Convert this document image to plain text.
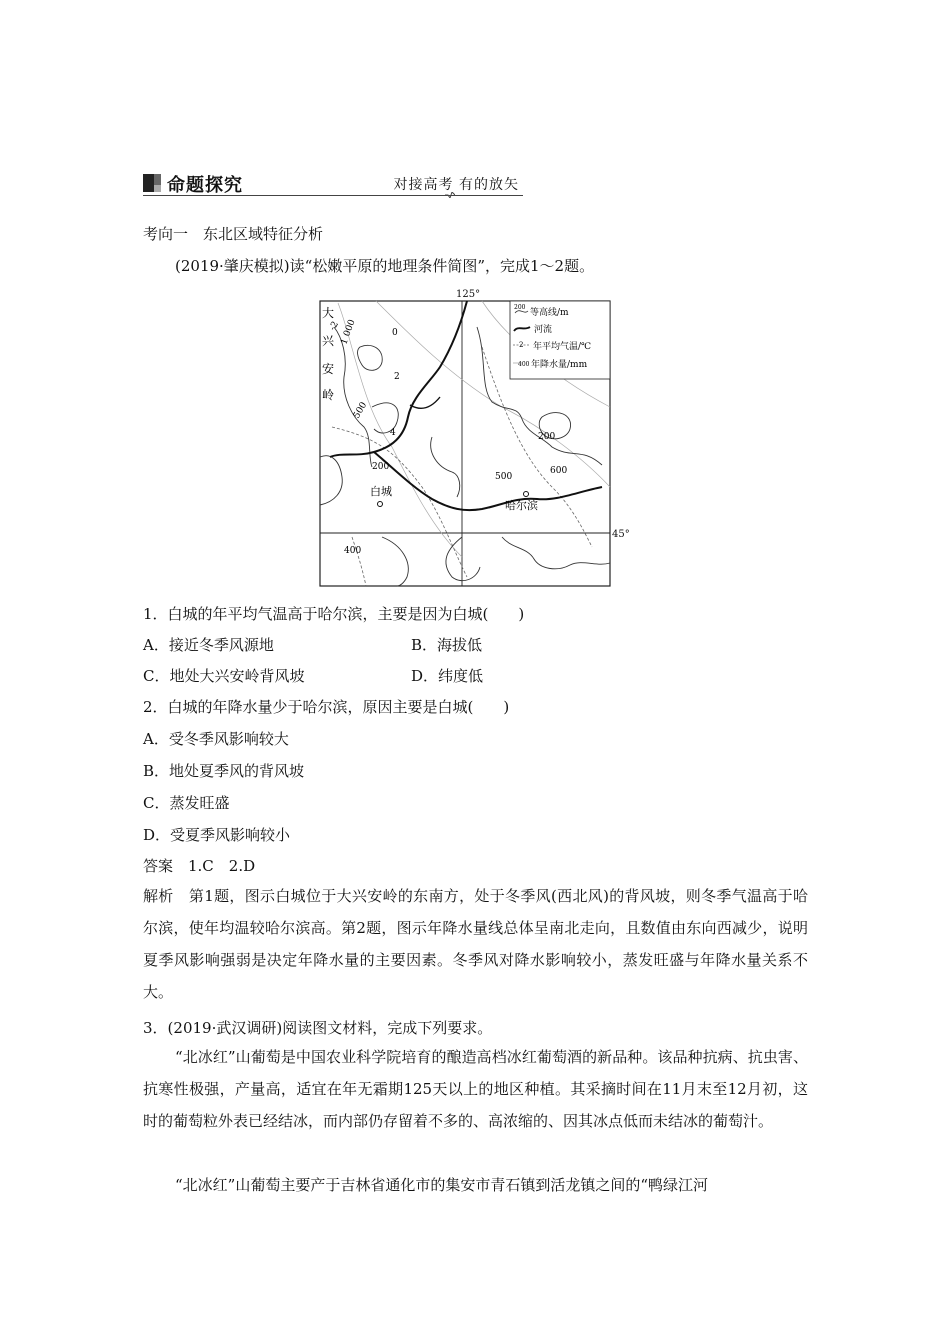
命题探究	对接高考 有的放矢
考向一　东北区域特征分析
(2019·肇庆模拟)读“松嫩平原的地理条件简图”，完成1～2题。
125°
45°
大
兴
安
岭
白城
哈尔滨
1 000
500
200
200
600
500
400
-2
0
2
4
200
等高线/m
河流
2 年平均气温/℃
400 年降水量/mm
1．白城的年平均气温高于哈尔滨，主要是因为白城(　　)
A．接近冬季风源地	B．海拔低
C．地处大兴安岭背风坡	D．纬度低
2．白城的年降水量少于哈尔滨，原因主要是白城(　　)
A．受冬季风影响较大
B．地处夏季风的背风坡
C．蒸发旺盛
D．受夏季风影响较小
答案　1.C　2.D

解析　第1题，图示白城位于大兴安岭的东南方，处于冬季风(西北风)的背风坡，则冬季气温高于哈尔滨，使年均温较哈尔滨高。第2题，图示年降水量线总体呈南北走向，且数值由东向西减少，说明夏季风影响强弱是决定年降水量的主要因素。冬季风对降水影响较小，蒸发旺盛与年降水量关系不大。

3．(2019·武汉调研)阅读图文材料，完成下列要求。

“北冰红”山葡萄是中国农业科学院培育的酿造高档冰红葡萄酒的新品种。该品种抗病、抗虫害、抗寒性极强，产量高，适宜在年无霜期125天以上的地区种植。其采摘时间在11月末至12月初，这时的葡萄粒外表已经结冰，而内部仍存留着不多的、高浓缩的、因其冰点低而未结冰的葡萄汁。

“北冰红”山葡萄主要产于吉林省通化市的集安市青石镇到活龙镇之间的“鸭绿江河
